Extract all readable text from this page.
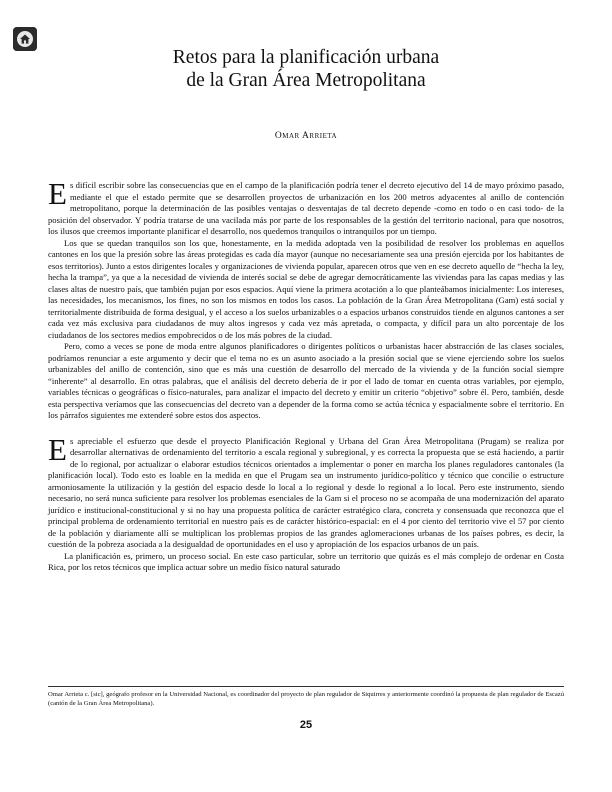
Retos para la planificación urbana
de la Gran Área Metropolitana
Omar Arrieta

Es difícil escribir sobre las consecuencias que en el campo de la planificación podría tener el decreto ejecutivo del 14 de mayo próximo pasado, mediante el que el estado permite que se desarrollen proyectos de urbanización en los 200 metros adyacentes al anillo de contención metropolitano, porque la determinación de las posibles ventajas o desventajas de tal decreto depende -como en todo o en casi todo- de la posición del observador. Y podría tratarse de una vacilada más por parte de los responsables de la gestión del territorio nacional, para que nosotros, los ilusos que creemos importante planificar el desarrollo, nos quedemos tranquilos o intranquilos por un tiempo.

Los que se quedan tranquilos son los que, honestamente, en la medida adoptada ven la posibilidad de resolver los problemas en aquellos cantones en los que la presión sobre las áreas protegidas es cada día mayor (aunque no necesariamente sea una presión ejercida por los habitantes de esos territorios). Junto a estos dirigentes locales y organizaciones de vivienda popular, aparecen otros que ven en ese decreto aquello de “hecha la ley, hecha la trampa”, ya que a la necesidad de vivienda de interés social se debe de agregar democráticamente las viviendas para las capas medias y las clases altas de nuestro país, que también pujan por esos espacios. Aquí viene la primera acotación a lo que planteábamos inicialmente: Los intereses, las necesidades, los mecanismos, los fines, no son los mismos en todos los casos. La población de la Gran Área Metropolitana (Gam) está social y territorialmente distribuida de forma desigual, y el acceso a los suelos urbanizables o a espacios urbanos construidos tiende en algunos cantones a ser cada vez más exclusiva para ciudadanos de muy altos ingresos y cada vez más apretada, o compacta, y difícil para un alto porcentaje de los ciudadanos de los sectores medios empobrecidos o de los más pobres de la ciudad.

Pero, como a veces se pone de moda entre algunos planificadores o dirigentes políticos o urbanistas hacer abstracción de las clases sociales, podríamos renunciar a este argumento y decir que el tema no es un asunto asociado a la presión social que se viene ejerciendo sobre los suelos urbanizables del anillo de contención, sino que es más una cuestión de desarrollo del mercado de la vivienda y de la función social siempre “inherente” al desarrollo. En otras palabras, que el análisis del decreto debería de ir por el lado de tomar en cuenta otras variables, por ejemplo, variables técnicas o geográficas o físico-naturales, para analizar el impacto del decreto y emitir un criterio “objetivo” sobre él. Pero, también, desde esta perspectiva veríamos que las consecuencias del decreto van a depender de la forma como se actúa técnica y espacialmente sobre el territorio. En los párrafos siguientes me extenderé sobre estos dos aspectos.

Es apreciable el esfuerzo que desde el proyecto Planificación Regional y Urbana del Gran Área Metropolitana (Prugam) se realiza por desarrollar alternativas de ordenamiento del territorio a escala regional y subregional, y es correcta la propuesta que se está haciendo, a partir de lo regional, por actualizar o elaborar estudios técnicos orientados a implementar o poner en marcha los planes reguladores cantonales (la planificación local). Todo esto es loable en la medida en que el Prugam sea un instrumento jurídico-político y técnico que concilie o estructure armoniosamente la utilización y la gestión del espacio desde lo local a lo regional y desde lo regional a lo local. Pero este instrumento, siendo necesario, no será nunca suficiente para resolver los problemas esenciales de la Gam si el proceso no se acompaña de una modernización del aparato jurídico e institucional-constitucional y si no hay una propuesta política de carácter estratégico clara, concreta y consensuada que reconozca que el principal problema de ordenamiento territorial en nuestro país es de carácter histórico-espacial: en el 4 por ciento del territorio vive el 57 por ciento de la población y diariamente allí se multiplican los problemas propios de las grandes aglomeraciones urbanas de los países pobres, es decir, la cuestión de la pobreza asociada a la desigualdad de oportunidades en el uso y apropiación de los espacios urbanos de un país.

La planificación es, primero, un proceso social. En este caso particular, sobre un territorio que quizás es el más complejo de ordenar en Costa Rica, por los retos técnicos que implica actuar sobre un medio físico natural saturado

Omar Arrieta c. [sic], geógrafo profesor en la Universidad Nacional, es coordinador del proyecto de plan regulador de Siquirres y anteriormente coordinó la propuesta de plan regulador de Escazú (cantón de la Gran Área Metropolitana).
25
